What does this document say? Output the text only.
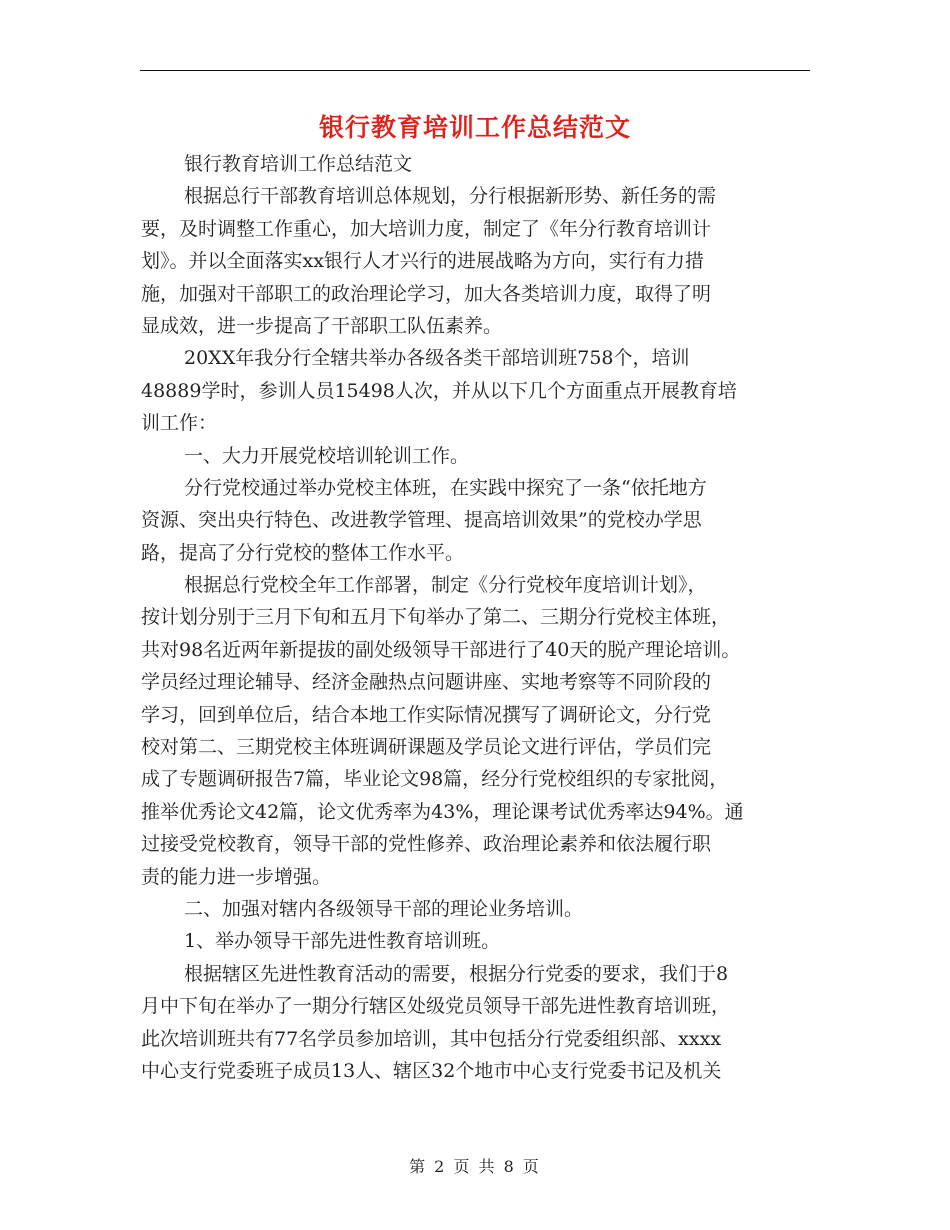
银行教育培训工作总结范文
银行教育培训工作总结范文
根据总行干部教育培训总体规划，分行根据新形势、新任务的需
要，及时调整工作重心，加大培训力度，制定了《年分行教育培训计
划》。并以全面落实xx银行人才兴行的进展战略为方向，实行有力措
施，加强对干部职工的政治理论学习，加大各类培训力度，取得了明
显成效，进一步提高了干部职工队伍素养。
20XX年我分行全辖共举办各级各类干部培训班758个，培训
48889学时，参训人员15498人次，并从以下几个方面重点开展教育培
训工作：
一、大力开展党校培训轮训工作。
分行党校通过举办党校主体班，在实践中探究了一条“依托地方
资源、突出央行特色、改进教学管理、提高培训效果”的党校办学思
路，提高了分行党校的整体工作水平。
根据总行党校全年工作部署，制定《分行党校年度培训计划》，
按计划分别于三月下旬和五月下旬举办了第二、三期分行党校主体班，
共对98名近两年新提拔的副处级领导干部进行了40天的脱产理论培训。
学员经过理论辅导、经济金融热点问题讲座、实地考察等不同阶段的
学习，回到单位后，结合本地工作实际情况撰写了调研论文，分行党
校对第二、三期党校主体班调研课题及学员论文进行评估，学员们完
成了专题调研报告7篇，毕业论文98篇，经分行党校组织的专家批阅，
推举优秀论文42篇，论文优秀率为43%，理论课考试优秀率达94%。通
过接受党校教育，领导干部的党性修养、政治理论素养和依法履行职
责的能力进一步增强。
二、加强对辖内各级领导干部的理论业务培训。
1、举办领导干部先进性教育培训班。
根据辖区先进性教育活动的需要，根据分行党委的要求，我们于8
月中下旬在举办了一期分行辖区处级党员领导干部先进性教育培训班，
此次培训班共有77名学员参加培训，其中包括分行党委组织部、xxxx
中心支行党委班子成员13人、辖区32个地市中心支行党委书记及机关
第 2 页 共 8 页
